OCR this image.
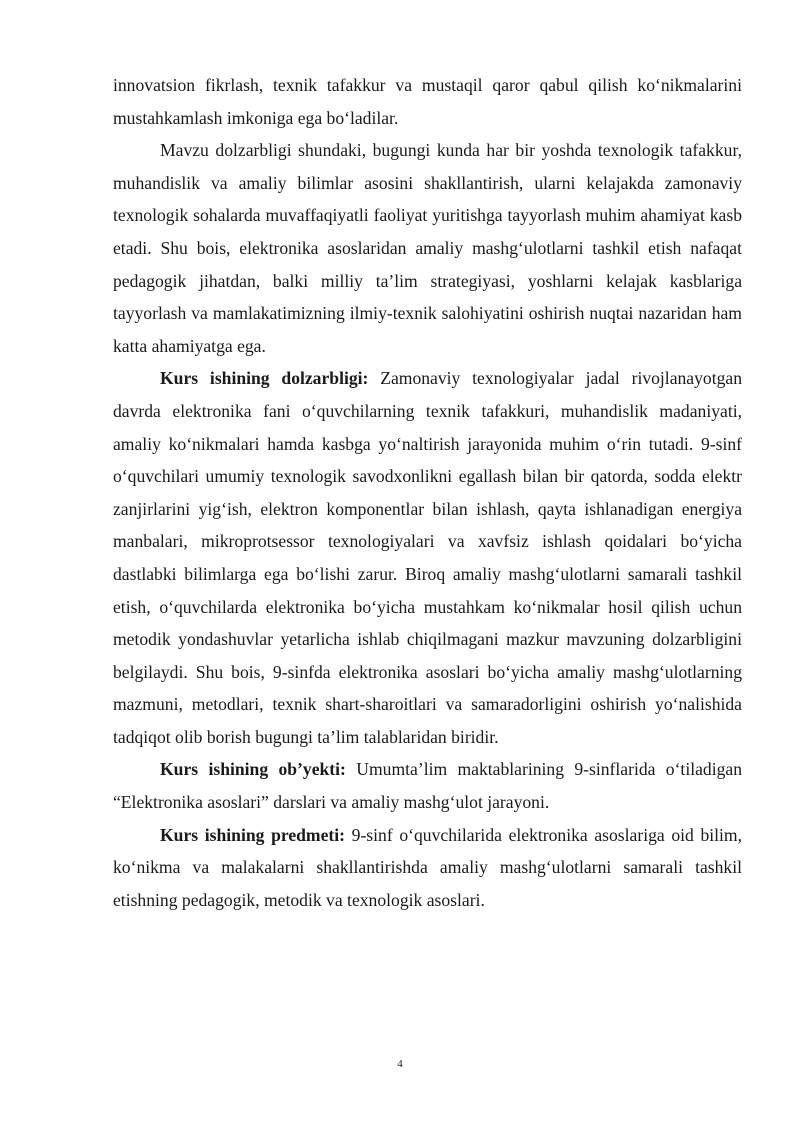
innovatsion fikrlash, texnik tafakkur va mustaqil qaror qabul qilish ko‘nikmalarini mustahkamlash imkoniga ega bo‘ladilar.

Mavzu dolzarbligi shundaki, bugungi kunda har bir yoshda texnologik tafakkur, muhandislik va amaliy bilimlar asosini shakllantirish, ularni kelajakda zamonaviy texnologik sohalarda muvaffaqiyatli faoliyat yuritishga tayyorlash muhim ahamiyat kasb etadi. Shu bois, elektronika asoslaridan amaliy mashg‘ulotlarni tashkil etish nafaqat pedagogik jihatdan, balki milliy ta’lim strategiyasi, yoshlarni kelajak kasblariga tayyorlash va mamlakatimizning ilmiy-texnik salohiyatini oshirish nuqtai nazaridan ham katta ahamiyatga ega.

Kurs ishining dolzarbligi: Zamonaviy texnologiyalar jadal rivojlanayotgan davrda elektronika fani o‘quvchilarning texnik tafakkuri, muhandislik madaniyati, amaliy ko‘nikmalari hamda kasbga yo‘naltirish jarayonida muhim o‘rin tutadi. 9-sinf o‘quvchilari umumiy texnologik savodxonlikni egallash bilan bir qatorda, sodda elektr zanjirlarini yig‘ish, elektron komponentlar bilan ishlash, qayta ishlanadigan energiya manbalari, mikroprotsessor texnologiyalari va xavfsiz ishlash qoidalari bo‘yicha dastlabki bilimlarga ega bo‘lishi zarur. Biroq amaliy mashg‘ulotlarni samarali tashkil etish, o‘quvchilarda elektronika bo‘yicha mustahkam ko‘nikmalar hosil qilish uchun metodik yondashuvlar yetarlicha ishlab chiqilmagani mazkur mavzuning dolzarbligini belgilaydi. Shu bois, 9-sinfda elektronika asoslari bo‘yicha amaliy mashg‘ulotlarning mazmuni, metodlari, texnik shart-sharoitlari va samaradorligini oshirish yo‘nalishida tadqiqot olib borish bugungi ta’lim talablaridan biridir.

Kurs ishining ob’yekti: Umumta’lim maktablarining 9-sinflarida o‘tiladigan “Elektronika asoslari” darslari va amaliy mashg‘ulot jarayoni.

Kurs ishining predmeti: 9-sinf o‘quvchilarida elektronika asoslariga oid bilim, ko‘nikma va malakalarni shakllantirishda amaliy mashg‘ulotlarni samarali tashkil etishning pedagogik, metodik va texnologik asoslari.

4
